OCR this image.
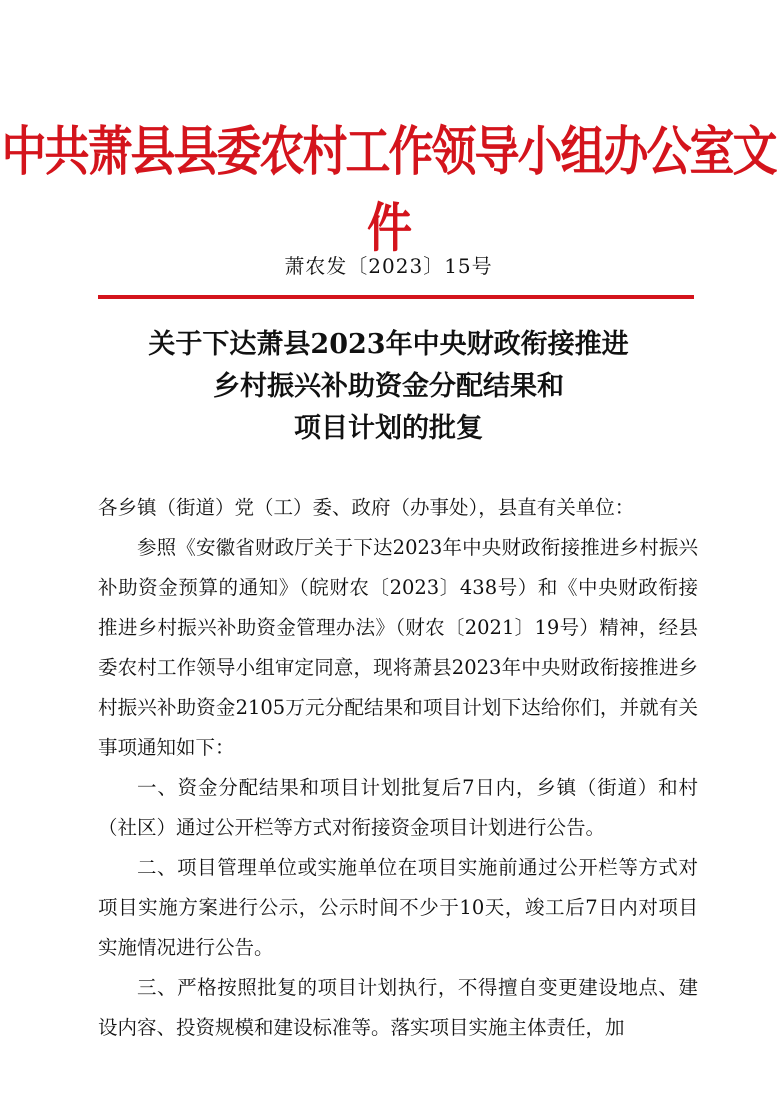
中共萧县县委农村工作领导小组办公室文件
萧农发〔2023〕15号
关于下达萧县2023年中央财政衔接推进
乡村振兴补助资金分配结果和
项目计划的批复

各乡镇（街道）党（工）委、政府（办事处），县直有关单位：

参照《安徽省财政厅关于下达2023年中央财政衔接推进乡村振兴补助资金预算的通知》（皖财农〔2023〕438号）和《中央财政衔接推进乡村振兴补助资金管理办法》（财农〔2021〕19号）精神，经县委农村工作领导小组审定同意，现将萧县2023年中央财政衔接推进乡村振兴补助资金2105万元分配结果和项目计划下达给你们，并就有关事项通知如下：

一、资金分配结果和项目计划批复后7日内，乡镇（街道）和村（社区）通过公开栏等方式对衔接资金项目计划进行公告。

二、项目管理单位或实施单位在项目实施前通过公开栏等方式对项目实施方案进行公示，公示时间不少于10天，竣工后7日内对项目实施情况进行公告。

三、严格按照批复的项目计划执行，不得擅自变更建设地点、建设内容、投资规模和建设标准等。落实项目实施主体责任，加
